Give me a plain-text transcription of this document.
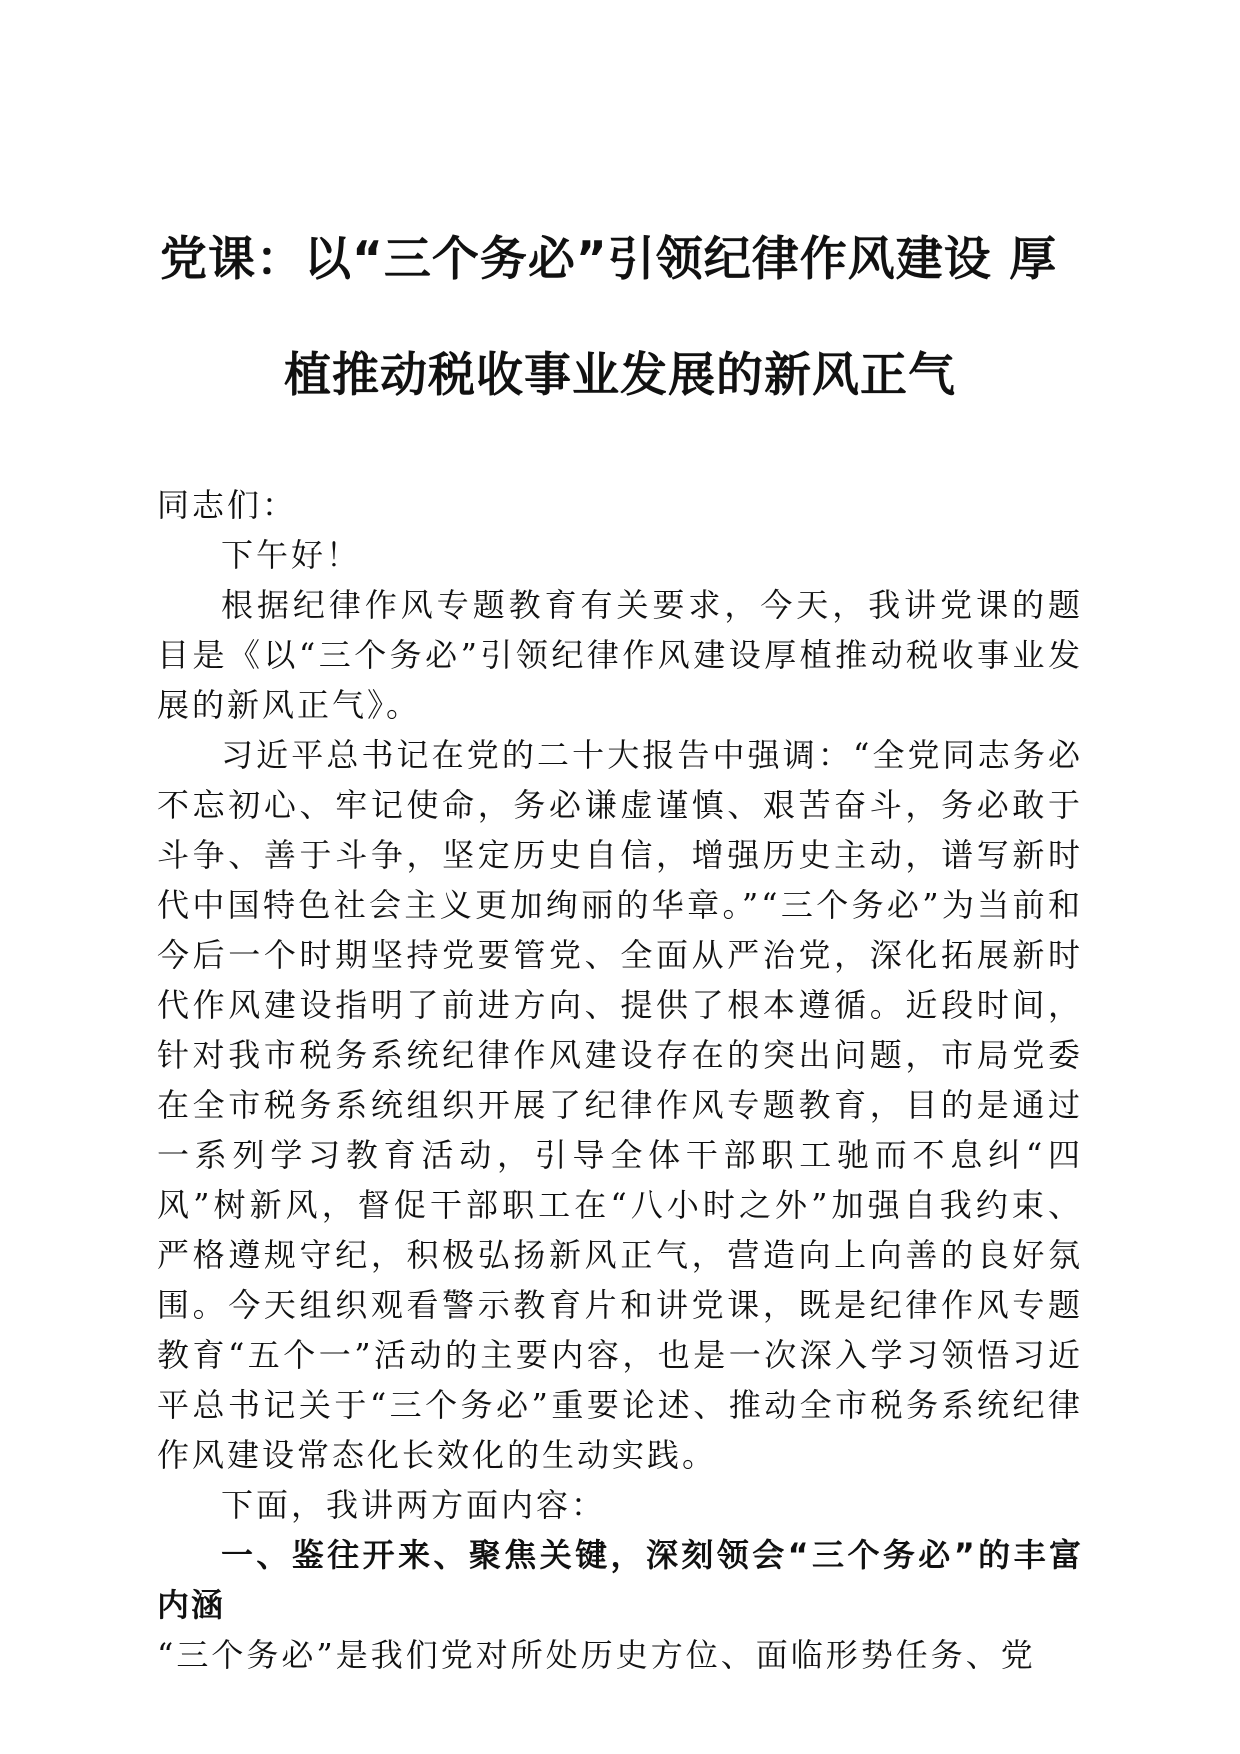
党课：以“三个务必”引领纪律作风建设 厚
植推动税收事业发展的新风正气

同志们：

下午好！

根据纪律作风专题教育有关要求，今天，我讲党课的题目是《以“三个务必”引领纪律作风建设厚植推动税收事业发展的新风正气》。

习近平总书记在党的二十大报告中强调：“全党同志务必不忘初心、牢记使命，务必谦虚谨慎、艰苦奋斗，务必敢于斗争、善于斗争，坚定历史自信，增强历史主动，谱写新时代中国特色社会主义更加绚丽的华章。”“三个务必”为当前和今后一个时期坚持党要管党、全面从严治党，深化拓展新时代作风建设指明了前进方向、提供了根本遵循。近段时间，针对我市税务系统纪律作风建设存在的突出问题，市局党委在全市税务系统组织开展了纪律作风专题教育，目的是通过一系列学习教育活动，引导全体干部职工驰而不息纠“四风”树新风，督促干部职工在“八小时之外”加强自我约束、严格遵规守纪，积极弘扬新风正气，营造向上向善的良好氛围。今天组织观看警示教育片和讲党课，既是纪律作风专题教育“五个一”活动的主要内容，也是一次深入学习领悟习近平总书记关于“三个务必”重要论述、推动全市税务系统纪律作风建设常态化长效化的生动实践。

下面，我讲两方面内容：

一、鉴往开来、聚焦关键，深刻领会“三个务必”的丰富内涵

“三个务必”是我们党对所处历史方位、面临形势任务、党
